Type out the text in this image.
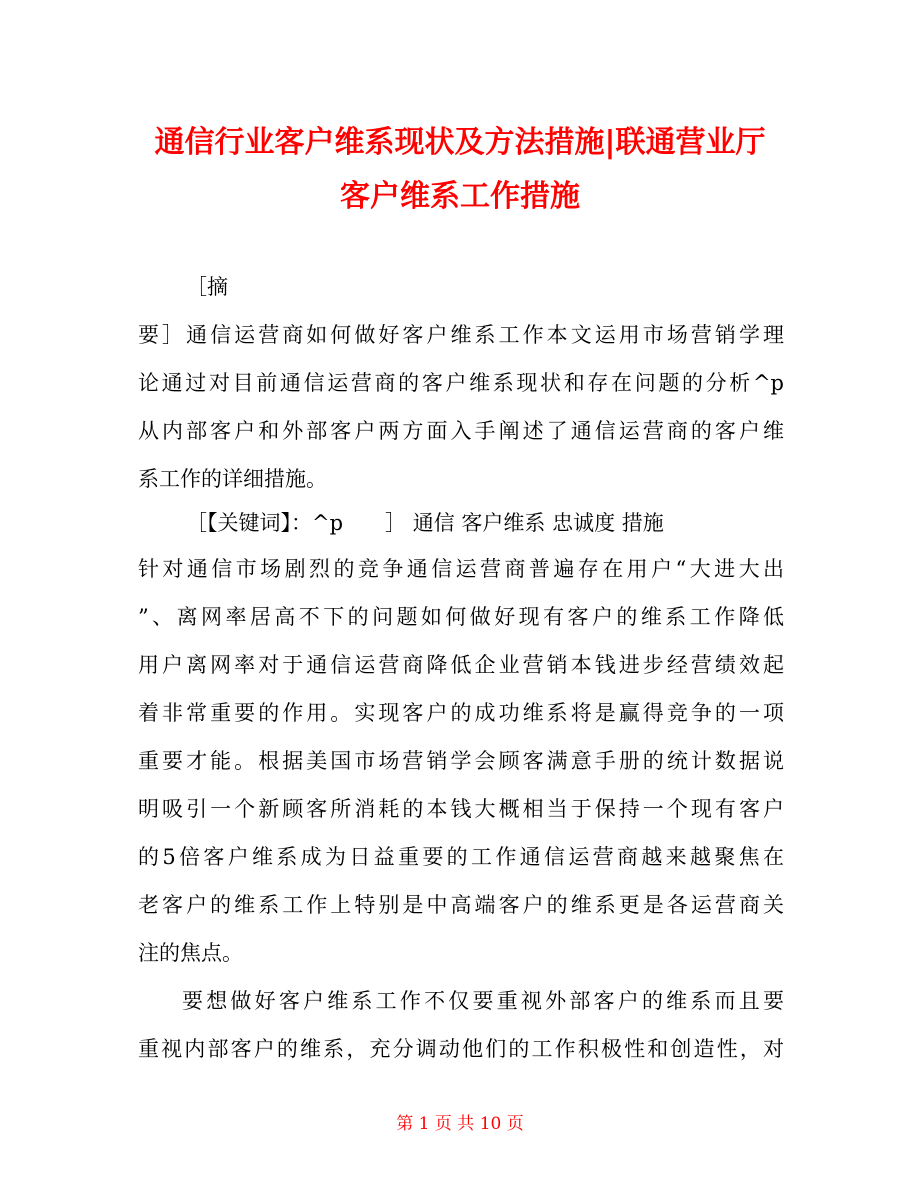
通信行业客户维系现状及方法措施|联通营业厅
客户维系工作措施
［摘
要］通信运营商如何做好客户维系工作本文运用市场营销学理
论通过对目前通信运营商的客户维系现状和存在问题的分析^p
从内部客户和外部客户两方面入手阐述了通信运营商的客户维
系工作的详细措施。
［【关键词】：^p　　］ 通信 客户维系 忠诚度 措施
针对通信市场剧烈的竞争通信运营商普遍存在用户“大进大出
”、离网率居高不下的问题如何做好现有客户的维系工作降低
用户离网率对于通信运营商降低企业营销本钱进步经营绩效起
着非常重要的作用。实现客户的成功维系将是赢得竞争的一项
重要才能。根据美国市场营销学会顾客满意手册的统计数据说
明吸引一个新顾客所消耗的本钱大概相当于保持一个现有客户
的5倍客户维系成为日益重要的工作通信运营商越来越聚焦在
老客户的维系工作上特别是中高端客户的维系更是各运营商关
注的焦点。
要想做好客户维系工作不仅要重视外部客户的维系而且要
重视内部客户的维系，充分调动他们的工作积极性和创造性，对
第 1 页 共 10 页
